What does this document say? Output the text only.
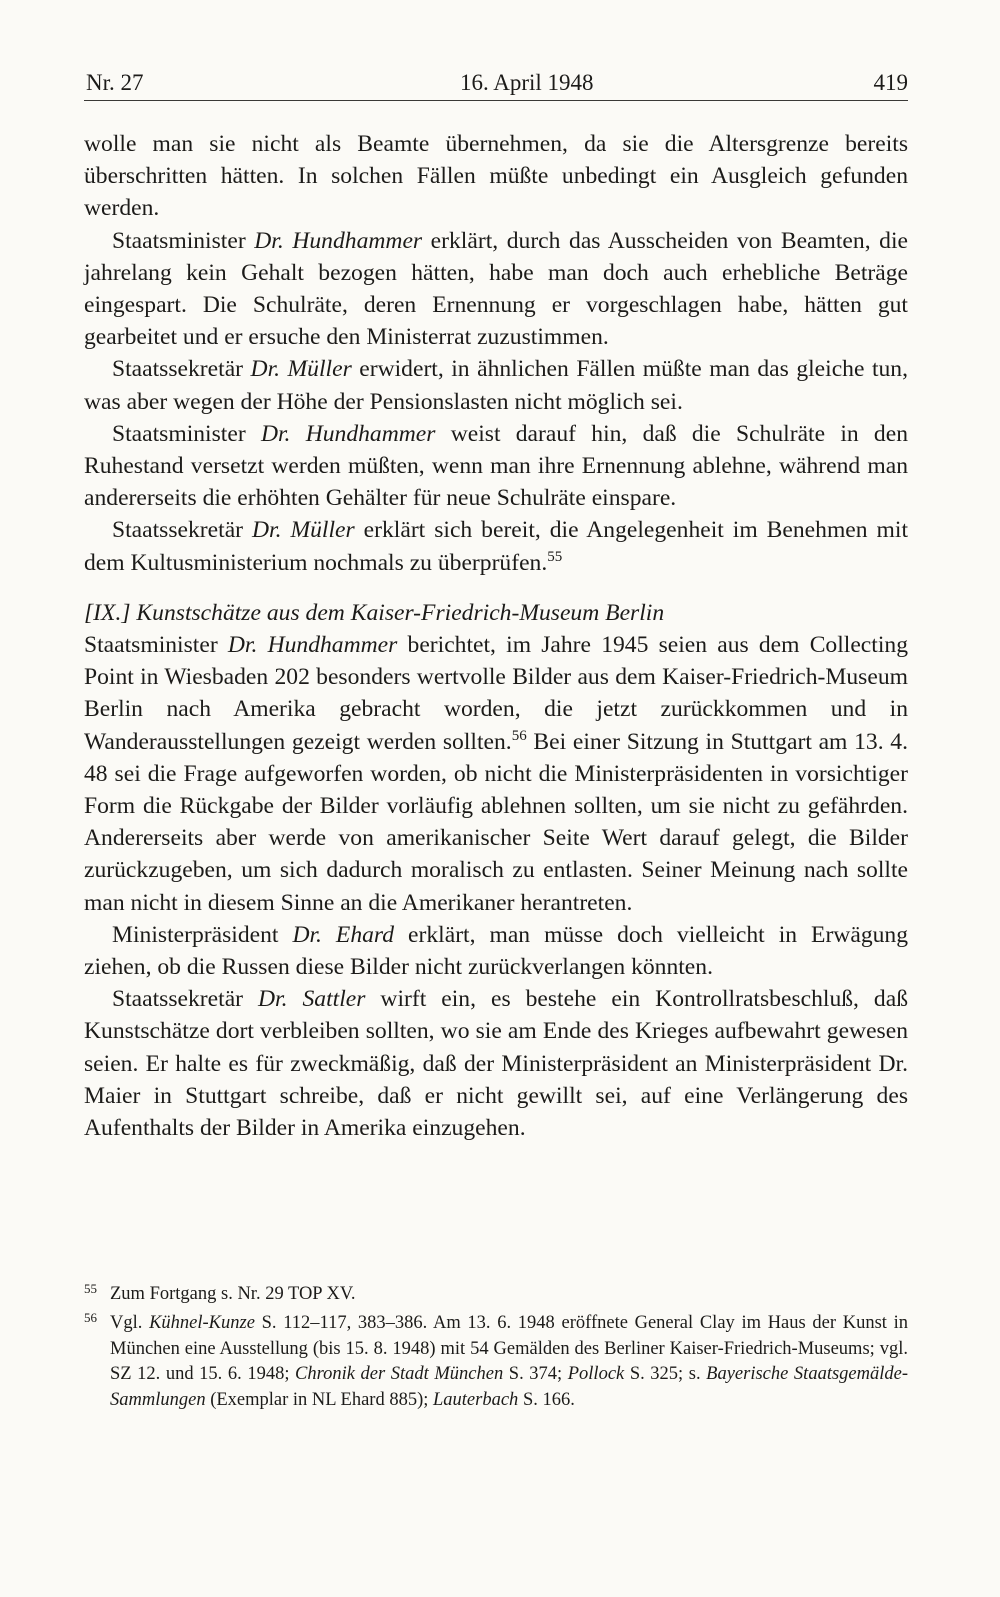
Nr. 27	16. April 1948	419

wolle man sie nicht als Beamte übernehmen, da sie die Altersgrenze bereits überschritten hätten. In solchen Fällen müßte unbedingt ein Ausgleich gefunden werden.

Staatsminister Dr. Hundhammer erklärt, durch das Ausscheiden von Beamten, die jahrelang kein Gehalt bezogen hätten, habe man doch auch erhebliche Beträge eingespart. Die Schulräte, deren Ernennung er vorgeschlagen habe, hätten gut gearbeitet und er ersuche den Ministerrat zuzustimmen.

Staatssekretär Dr. Müller erwidert, in ähnlichen Fällen müßte man das gleiche tun, was aber wegen der Höhe der Pensionslasten nicht möglich sei.

Staatsminister Dr. Hundhammer weist darauf hin, daß die Schulräte in den Ruhestand versetzt werden müßten, wenn man ihre Ernennung ablehne, während man andererseits die erhöhten Gehälter für neue Schulräte einspare.

Staatssekretär Dr. Müller erklärt sich bereit, die Angelegenheit im Benehmen mit dem Kultusministerium nochmals zu überprüfen.$^{55}$

[IX.] Kunstschätze aus dem Kaiser-Friedrich-Museum Berlin

Staatsminister Dr. Hundhammer berichtet, im Jahre 1945 seien aus dem Collecting Point in Wiesbaden 202 besonders wertvolle Bilder aus dem Kaiser-Friedrich-Museum Berlin nach Amerika gebracht worden, die jetzt zurückkommen und in Wanderausstellungen gezeigt werden sollten.$^{56}$ Bei einer Sitzung in Stuttgart am 13. 4. 48 sei die Frage aufgeworfen worden, ob nicht die Ministerpräsidenten in vorsichtiger Form die Rückgabe der Bilder vorläufig ablehnen sollten, um sie nicht zu gefährden. Andererseits aber werde von amerikanischer Seite Wert darauf gelegt, die Bilder zurückzugeben, um sich dadurch moralisch zu entlasten. Seiner Meinung nach sollte man nicht in diesem Sinne an die Amerikaner herantreten.

Ministerpräsident Dr. Ehard erklärt, man müsse doch vielleicht in Erwägung ziehen, ob die Russen diese Bilder nicht zurückverlangen könnten.

Staatssekretär Dr. Sattler wirft ein, es bestehe ein Kontrollratsbeschluß, daß Kunstschätze dort verbleiben sollten, wo sie am Ende des Krieges aufbewahrt gewesen seien. Er halte es für zweckmäßig, daß der Ministerpräsident an Ministerpräsident Dr. Maier in Stuttgart schreibe, daß er nicht gewillt sei, auf eine Verlängerung des Aufenthalts der Bilder in Amerika einzugehen.

55 Zum Fortgang s. Nr. 29 TOP XV.
56 Vgl. Kühnel-Kunze S. 112–117, 383–386. Am 13. 6. 1948 eröffnete General Clay im Haus der Kunst in München eine Ausstellung (bis 15. 8. 1948) mit 54 Gemälden des Berliner Kaiser-Friedrich-Museums; vgl. SZ 12. und 15. 6. 1948; Chronik der Stadt München S. 374; Pollock S. 325; s. Bayerische Staatsgemälde-Sammlungen (Exemplar in NL Ehard 885); Lauterbach S. 166.
